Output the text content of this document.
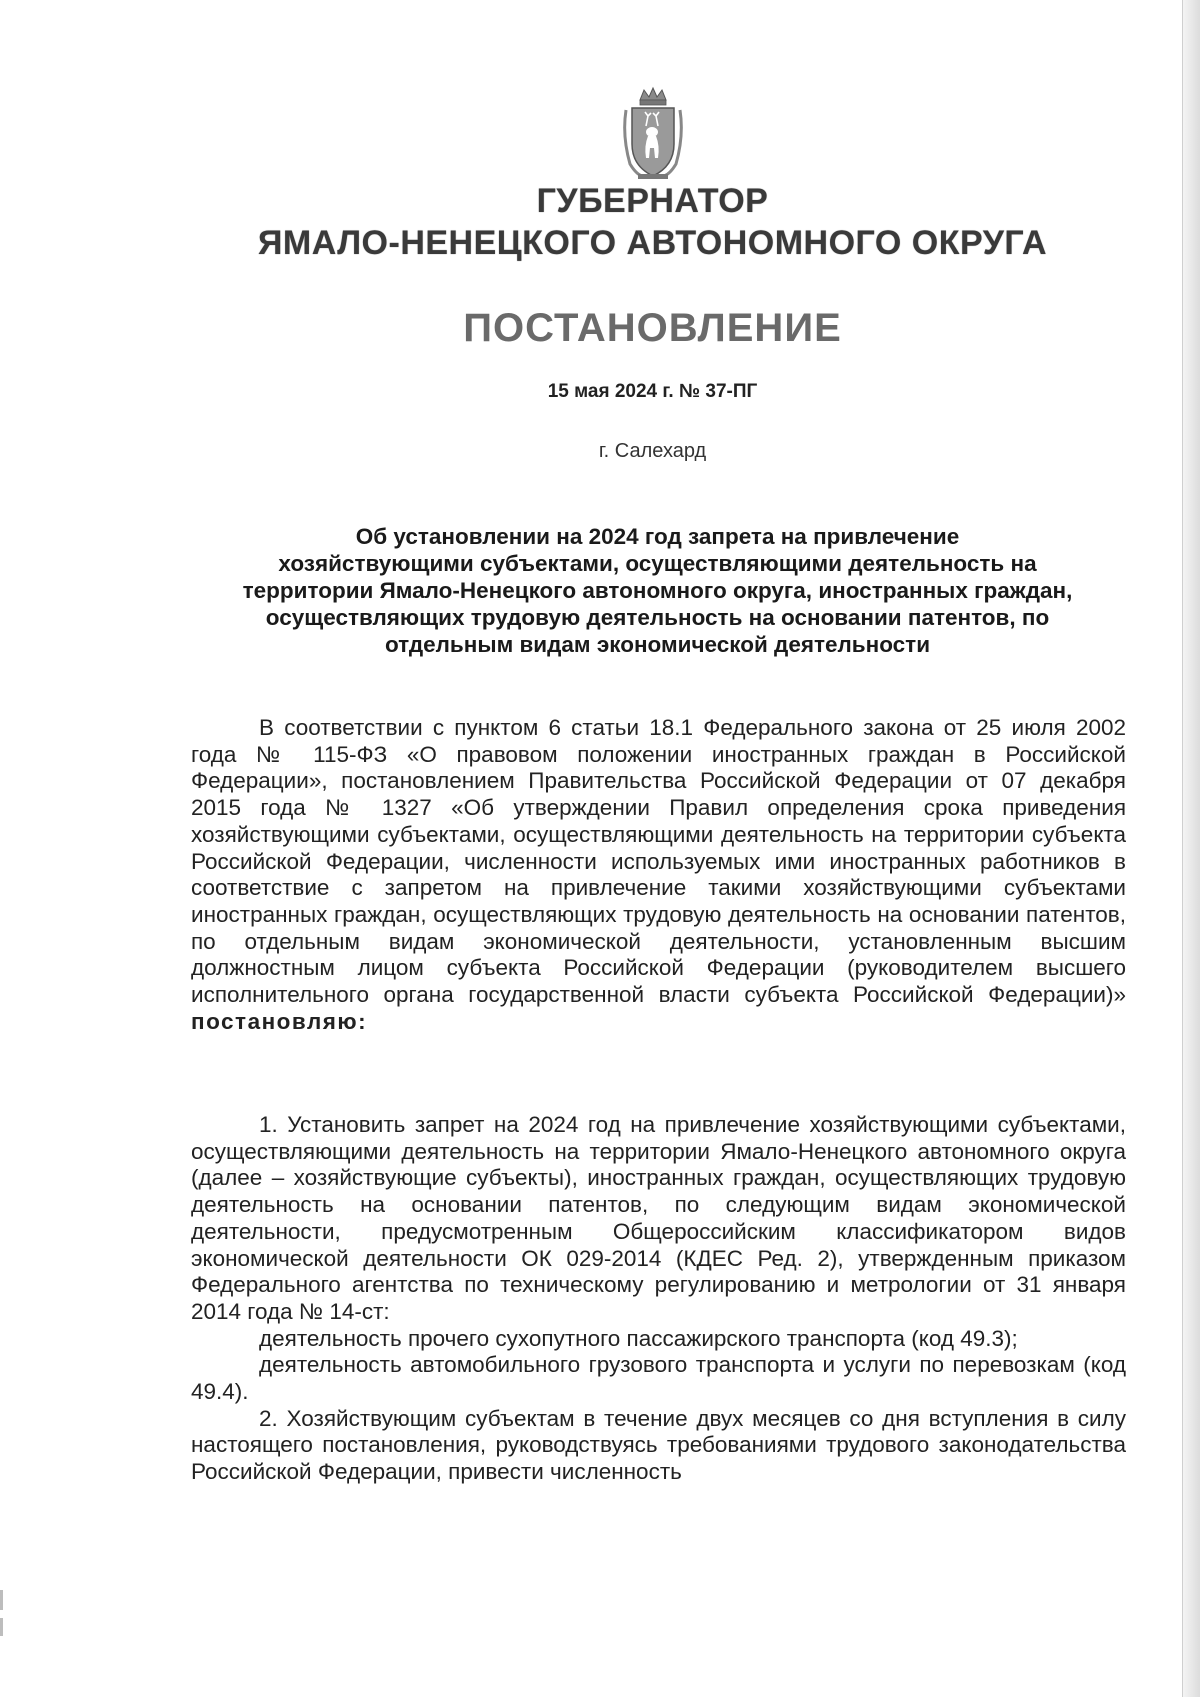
ГУБЕРНАТОР
ЯМАЛО-НЕНЕЦКОГО АВТОНОМНОГО ОКРУГА
ПОСТАНОВЛЕНИЕ
15 мая 2024 г. № 37-ПГ
г. Салехард
Об установлении на 2024 год запрета на привлечение
хозяйствующими субъектами, осуществляющими деятельность на
территории Ямало-Ненецкого автономного округа, иностранных граждан,
осуществляющих трудовую деятельность на основании патентов, по
отдельным видам экономической деятельности

В соответствии с пунктом 6 статьи 18.1 Федерального закона от 25 июля 2002 года № 115-ФЗ «О правовом положении иностранных граждан в Российской Федерации», постановлением Правительства Российской Федерации от 07 декабря 2015 года № 1327 «Об утверждении Правил определения срока приведения хозяйствующими субъектами, осуществляющими деятельность на территории субъекта Российской Федерации, численности используемых ими иностранных работников в соответствие с запретом на привлечение такими хозяйствующими субъектами иностранных граждан, осуществляющих трудовую деятельность на основании патентов, по отдельным видам экономической деятельности, установленным высшим должностным лицом субъекта Российской Федерации (руководителем высшего исполнительного органа государственной власти субъекта Российской Федерации)» постановляю:

1. Установить запрет на 2024 год на привлечение хозяйствующими субъектами, осуществляющими деятельность на территории Ямало-Ненецкого автономного округа (далее – хозяйствующие субъекты), иностранных граждан, осуществляющих трудовую деятельность на основании патентов, по следующим видам экономической деятельности, предусмотренным Общероссийским классификатором видов экономической деятельности ОК 029-2014 (КДЕС Ред. 2), утвержденным приказом Федерального агентства по техническому регулированию и метрологии от 31 января 2014 года № 14-ст:

деятельность прочего сухопутного пассажирского транспорта (код 49.3);

деятельность автомобильного грузового транспорта и услуги по перевозкам (код 49.4).

2. Хозяйствующим субъектам в течение двух месяцев со дня вступления в силу настоящего постановления, руководствуясь требованиями трудового законодательства Российской Федерации, привести численность
